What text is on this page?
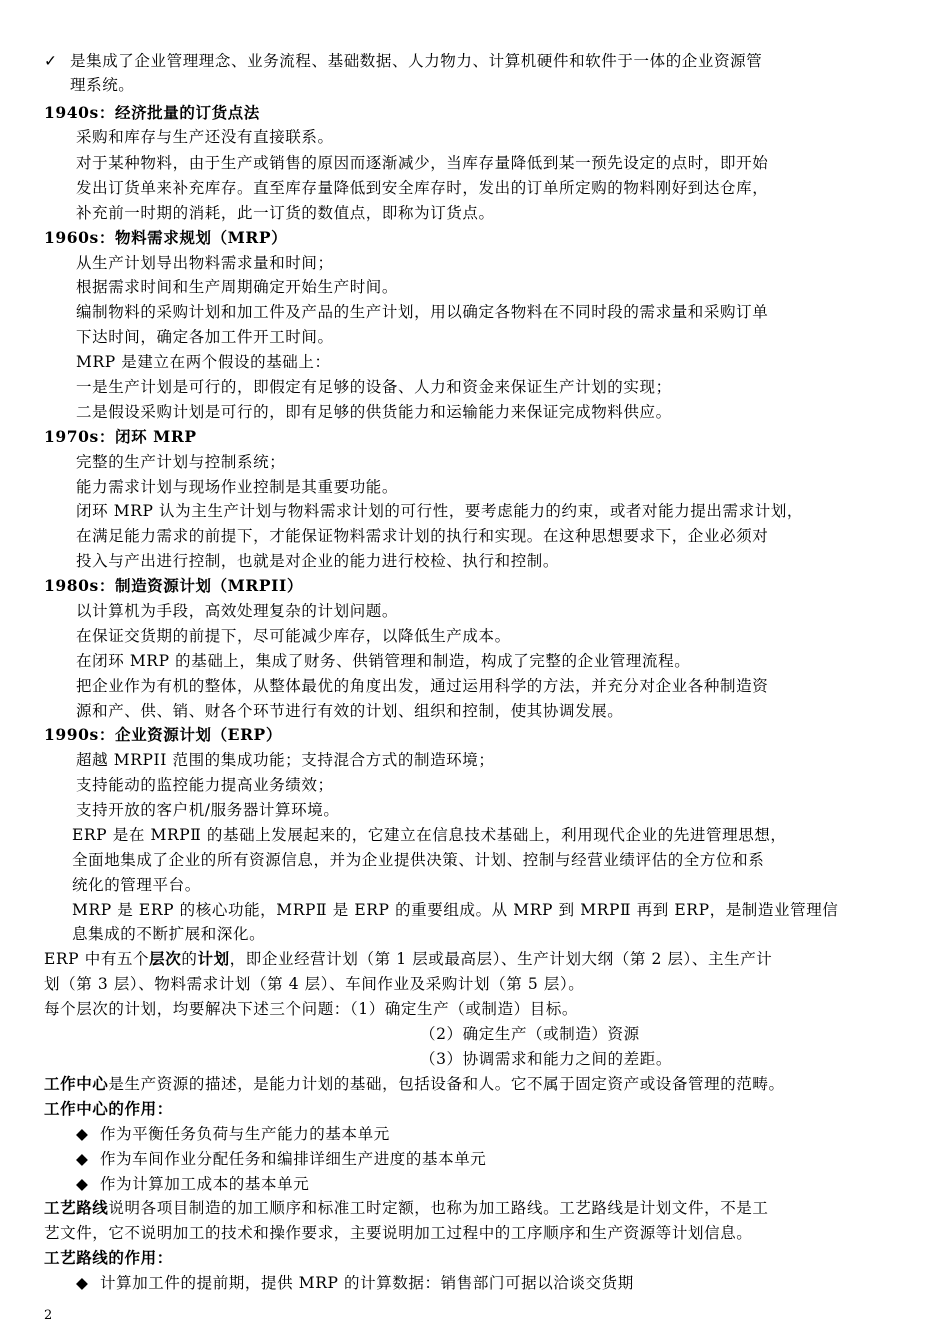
✓ 是集成了企业管理理念、业务流程、基础数据、人力物力、计算机硬件和软件于一体的企业资源管
理系统。
1940s：经济批量的订货点法
采购和库存与生产还没有直接联系。
对于某种物料，由于生产或销售的原因而逐渐减少，当库存量降低到某一预先设定的点时，即开始
发出订货单来补充库存。直至库存量降低到安全库存时，发出的订单所定购的物料刚好到达仓库，
补充前一时期的消耗，此一订货的数值点，即称为订货点。
1960s：物料需求规划（MRP）
从生产计划导出物料需求量和时间；
根据需求时间和生产周期确定开始生产时间。
编制物料的采购计划和加工件及产品的生产计划，用以确定各物料在不同时段的需求量和采购订单
下达时间，确定各加工件开工时间。
MRP 是建立在两个假设的基础上：
一是生产计划是可行的，即假定有足够的设备、人力和资金来保证生产计划的实现；
二是假设采购计划是可行的，即有足够的供货能力和运输能力来保证完成物料供应。
1970s：闭环 MRP
完整的生产计划与控制系统；
能力需求计划与现场作业控制是其重要功能。
闭环 MRP 认为主生产计划与物料需求计划的可行性，要考虑能力的约束，或者对能力提出需求计划，
在满足能力需求的前提下，才能保证物料需求计划的执行和实现。在这种思想要求下，企业必须对
投入与产出进行控制，也就是对企业的能力进行校检、执行和控制。
1980s：制造资源计划（MRPII）
以计算机为手段，高效处理复杂的计划问题。
在保证交货期的前提下，尽可能减少库存，以降低生产成本。
在闭环 MRP 的基础上，集成了财务、供销管理和制造，构成了完整的企业管理流程。
把企业作为有机的整体，从整体最优的角度出发，通过运用科学的方法，并充分对企业各种制造资
源和产、供、销、财各个环节进行有效的计划、组织和控制，使其协调发展。
1990s：企业资源计划（ERP）
超越 MRPII 范围的集成功能；支持混合方式的制造环境；
支持能动的监控能力提高业务绩效；
支持开放的客户机/服务器计算环境。
ERP 是在 MRPⅡ 的基础上发展起来的，它建立在信息技术基础上，利用现代企业的先进管理思想，
全面地集成了企业的所有资源信息，并为企业提供决策、计划、控制与经营业绩评估的全方位和系
统化的管理平台。
MRP 是 ERP 的核心功能，MRPⅡ 是 ERP 的重要组成。从 MRP 到 MRPⅡ 再到 ERP，是制造业管理信
息集成的不断扩展和深化。
ERP 中有五个层次的计划，即企业经营计划（第 1 层或最高层）、生产计划大纲（第 2 层）、主生产计
划（第 3 层）、物料需求计划（第 4 层）、车间作业及采购计划（第 5 层）。
每个层次的计划，均要解决下述三个问题：（1）确定生产（或制造）目标。
（2）确定生产（或制造）资源
（3）协调需求和能力之间的差距。
工作中心是生产资源的描述，是能力计划的基础，包括设备和人。它不属于固定资产或设备管理的范畴。
工作中心的作用：
◆ 作为平衡任务负荷与生产能力的基本单元
◆ 作为车间作业分配任务和编排详细生产进度的基本单元
◆ 作为计算加工成本的基本单元
工艺路线说明各项目制造的加工顺序和标准工时定额，也称为加工路线。工艺路线是计划文件，不是工
艺文件，它不说明加工的技术和操作要求，主要说明加工过程中的工序顺序和生产资源等计划信息。
工艺路线的作用：
◆ 计算加工件的提前期，提供 MRP 的计算数据：销售部门可据以洽谈交货期
2
